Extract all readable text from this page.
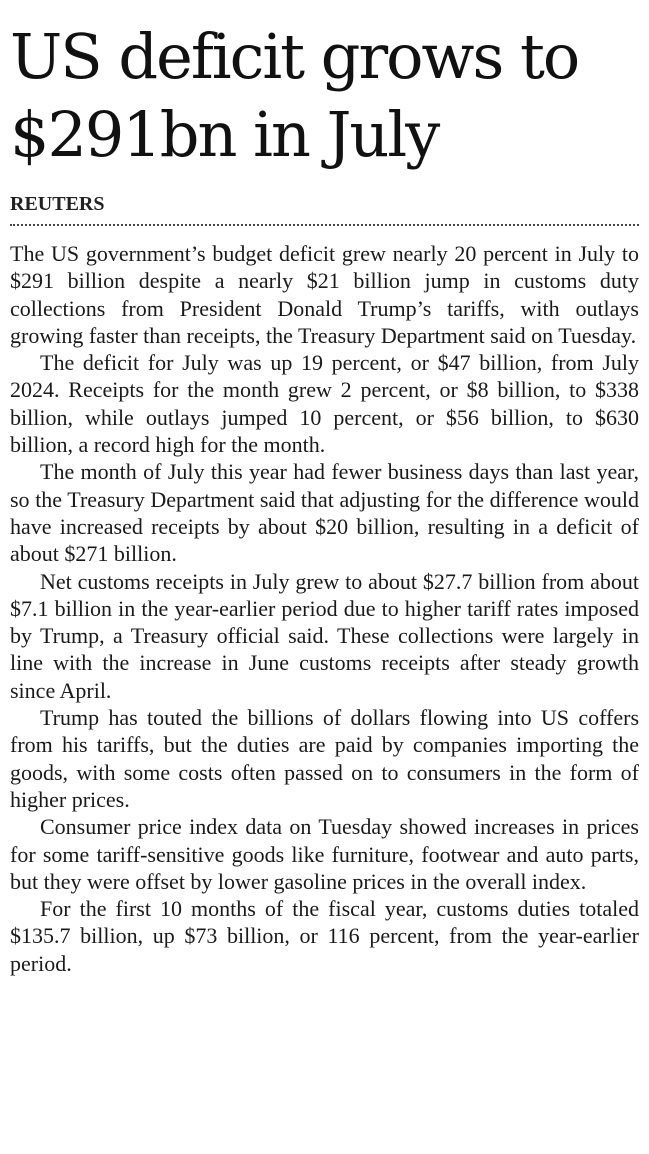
US deficit grows to $291bn in July
REUTERS

The US government’s budget deficit grew nearly 20 percent in July to $291 billion despite a nearly $21 billion jump in customs duty collections from President Donald Trump’s tariffs, with outlays growing faster than receipts, the Treasury Department said on Tuesday.

The deficit for July was up 19 percent, or $47 billion, from July 2024. Receipts for the month grew 2 percent, or $8 billion, to $338 billion, while outlays jumped 10 percent, or $56 billion, to $630 billion, a record high for the month.

The month of July this year had fewer business days than last year, so the Treasury Department said that adjusting for the difference would have increased receipts by about $20 billion, resulting in a deficit of about $271 billion.

Net customs receipts in July grew to about $27.7 billion from about $7.1 billion in the year-earlier period due to higher tariff rates imposed by Trump, a Treasury official said. These collections were largely in line with the increase in June customs receipts after steady growth since April.

Trump has touted the billions of dollars flowing into US coffers from his tariffs, but the duties are paid by companies importing the goods, with some costs often passed on to consumers in the form of higher prices.

Consumer price index data on Tuesday showed increases in prices for some tariff-sensitive goods like furniture, footwear and auto parts, but they were offset by lower gasoline prices in the overall index.

For the first 10 months of the fiscal year, customs duties totaled $135.7 billion, up $73 billion, or 116 percent, from the year-earlier period.
